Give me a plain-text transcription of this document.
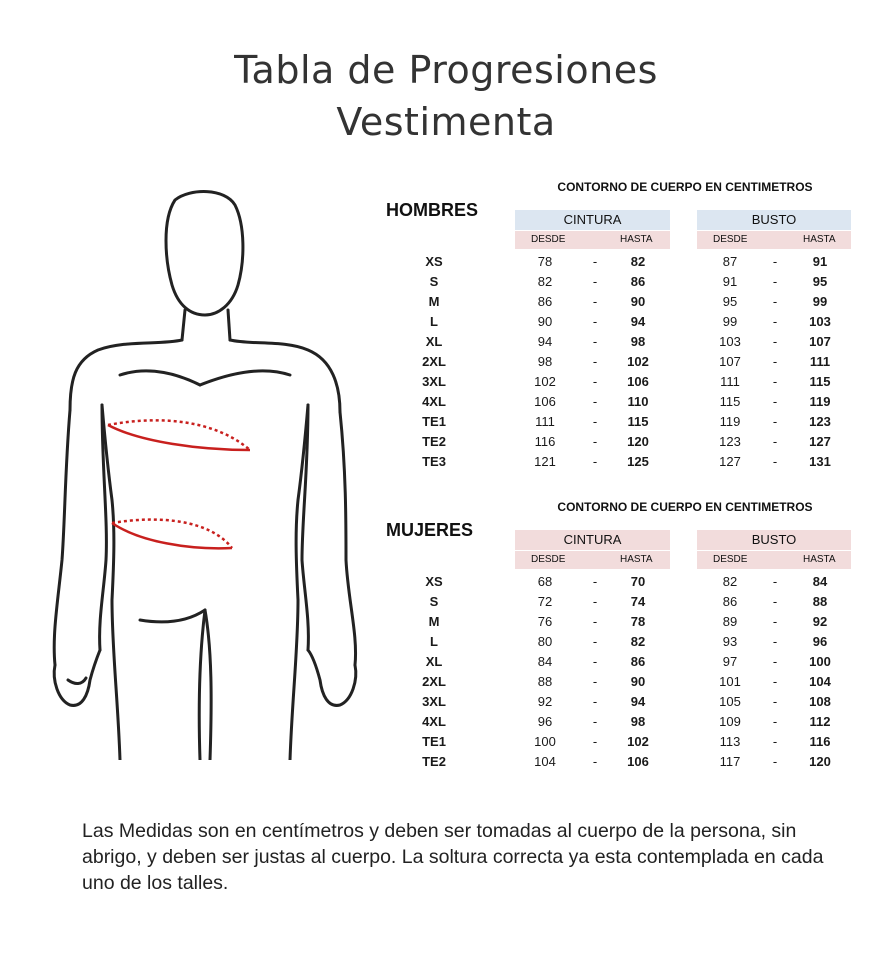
Tabla de Progresiones
Vestimenta
CONTORNO DE CUERPO EN CENTIMETROS
HOMBRES	CINTURA	BUSTO
DESDE	HASTA	DESDE	HASTA
XS	78	-	82	87	-	91
S	82	-	86	91	-	95
M	86	-	90	95	-	99
L	90	-	94	99	-	103
XL	94	-	98	103	-	107
2XL	98	-	102	107	-	111
3XL	102	-	106	111	-	115
4XL	106	-	110	115	-	119
TE1	111	-	115	119	-	123
TE2	116	-	120	123	-	127
TE3	121	-	125	127	-	131
CONTORNO DE CUERPO EN CENTIMETROS
MUJERES	CINTURA	BUSTO
DESDE	HASTA	DESDE	HASTA
XS	68	-	70	82	-	84
S	72	-	74	86	-	88
M	76	-	78	89	-	92
L	80	-	82	93	-	96
XL	84	-	86	97	-	100
2XL	88	-	90	101	-	104
3XL	92	-	94	105	-	108
4XL	96	-	98	109	-	112
TE1	100	-	102	113	-	116
TE2	104	-	106	117	-	120
Las Medidas son en centímetros y deben ser tomadas al cuerpo de la persona, sin abrigo, y deben ser justas al cuerpo. La soltura correcta ya esta contemplada en cada uno de los talles.
